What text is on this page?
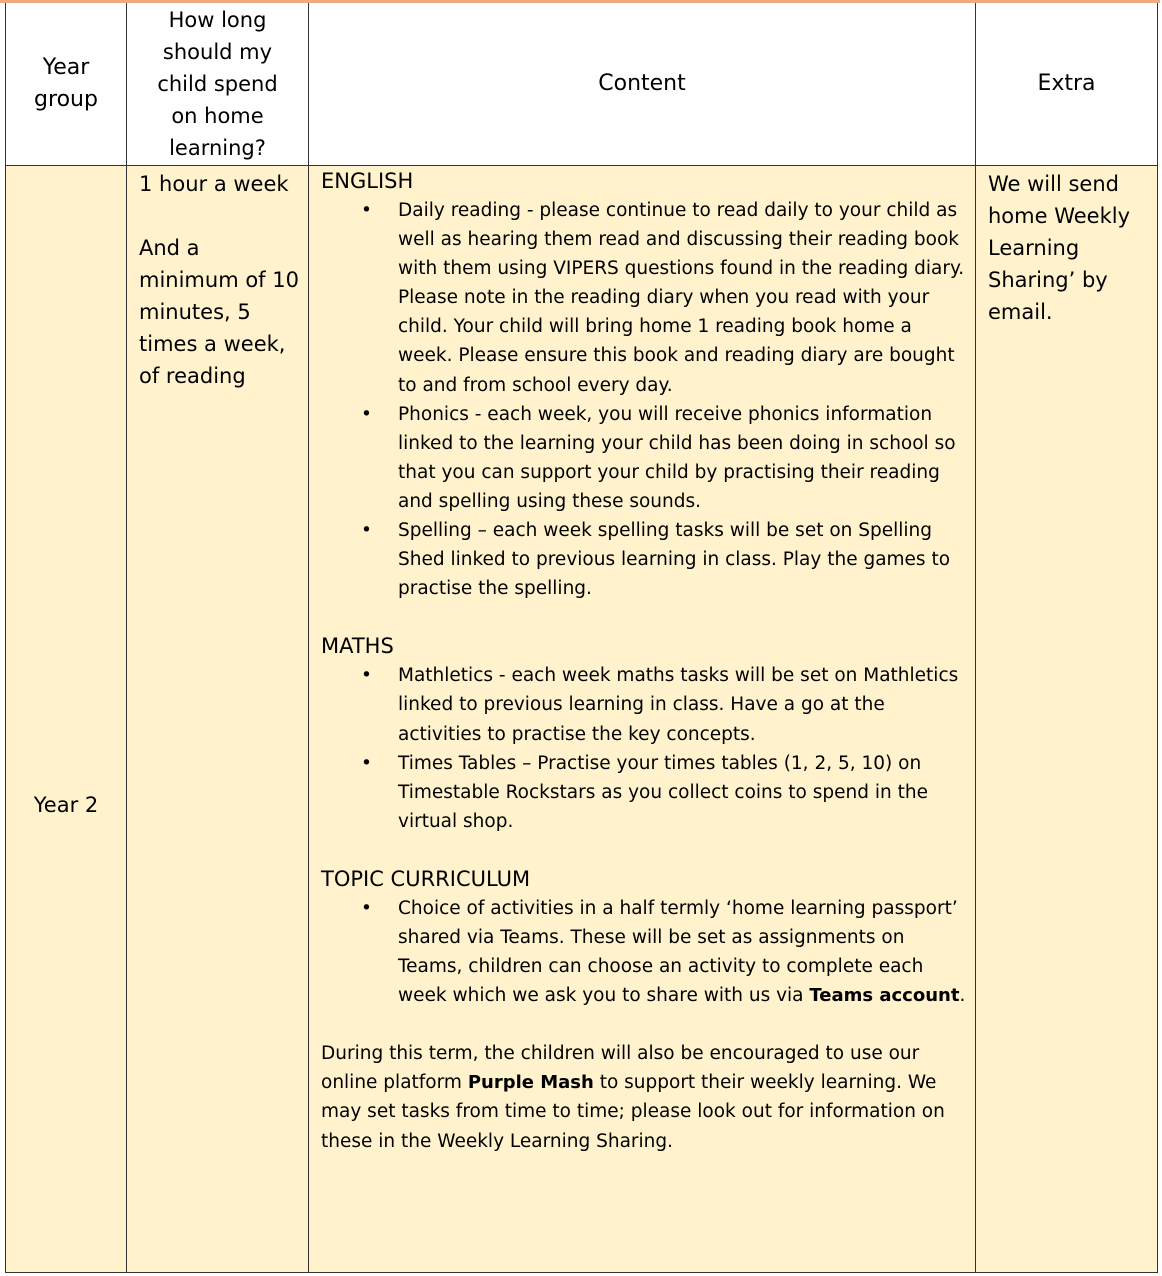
Year group
How long should my child spend on home learning?
Content	Extra
Year 2

1 hour a week

And a minimum of 10 minutes, 5 times a week, of reading

ENGLISH
• Daily reading - please continue to read daily to your child as well as hearing them read and discussing their reading book with them using VIPERS questions found in the reading diary. Please note in the reading diary when you read with your child. Your child will bring home 1 reading book home a week. Please ensure this book and reading diary are bought to and from school every day.
• Phonics - each week, you will receive phonics information linked to the learning your child has been doing in school so that you can support your child by practising their reading and spelling using these sounds.
• Spelling – each week spelling tasks will be set on Spelling Shed linked to previous learning in class. Play the games to practise the spelling.
MATHS
• Mathletics - each week maths tasks will be set on Mathletics linked to previous learning in class. Have a go at the activities to practise the key concepts.
• Times Tables – Practise your times tables (1, 2, 5, 10) on Timestable Rockstars as you collect coins to spend in the virtual shop.
TOPIC CURRICULUM
• Choice of activities in a half termly ‘home learning passport’ shared via Teams. These will be set as assignments on Teams, children can choose an activity to complete each week which we ask you to share with us via Teams account.

During this term, the children will also be encouraged to use our online platform Purple Mash to support their weekly learning. We may set tasks from time to time; please look out for information on these in the Weekly Learning Sharing.

We will send home Weekly Learning Sharing’ by email.
